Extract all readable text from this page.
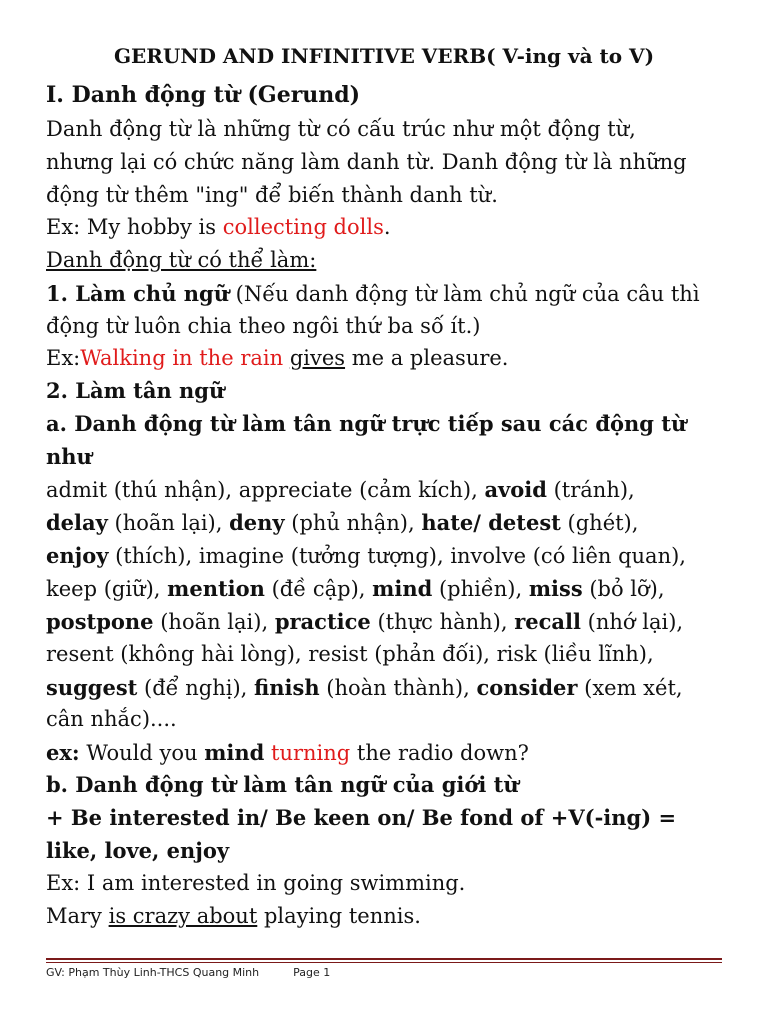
GERUND AND INFINITIVE VERB( V-ing và to V)
I. Danh động từ (Gerund)
Danh động từ là những từ có cấu trúc như một động từ,
nhưng lại có chức năng làm danh từ. Danh động từ là những
động từ thêm "ing" để biến thành danh từ.
Ex: My hobby is collecting dolls.
Danh động từ có thể làm:
1. Làm chủ ngữ (Nếu danh động từ làm chủ ngữ của câu thì
động từ luôn chia theo ngôi thứ ba số ít.)
Ex:Walking in the rain gives me a pleasure.
2. Làm tân ngữ
a. Danh động từ làm tân ngữ trực tiếp sau các động từ
như
admit (thú nhận), appreciate (cảm kích), avoid (tránh),
delay (hoãn lại), deny (phủ nhận), hate/ detest (ghét),
enjoy (thích), imagine (tưởng tượng), involve (có liên quan),
keep (giữ), mention (đề cập), mind (phiền), miss (bỏ lỡ),
postpone (hoãn lại), practice (thực hành), recall (nhớ lại),
resent (không hài lòng), resist (phản đối), risk (liều lĩnh),
suggest (để nghị), finish (hoàn thành), consider (xem xét,
cân nhắc)....
ex: Would you mind turning the radio down?
b. Danh động từ làm tân ngữ của giới từ
+ Be interested in/ Be keen on/ Be fond of +V(-ing) =
like, love, enjoy
Ex: I am interested in going swimming.
Mary is crazy about playing tennis.
GV: Phạm Thùy Linh-THCS Quang Minh	Page 1
